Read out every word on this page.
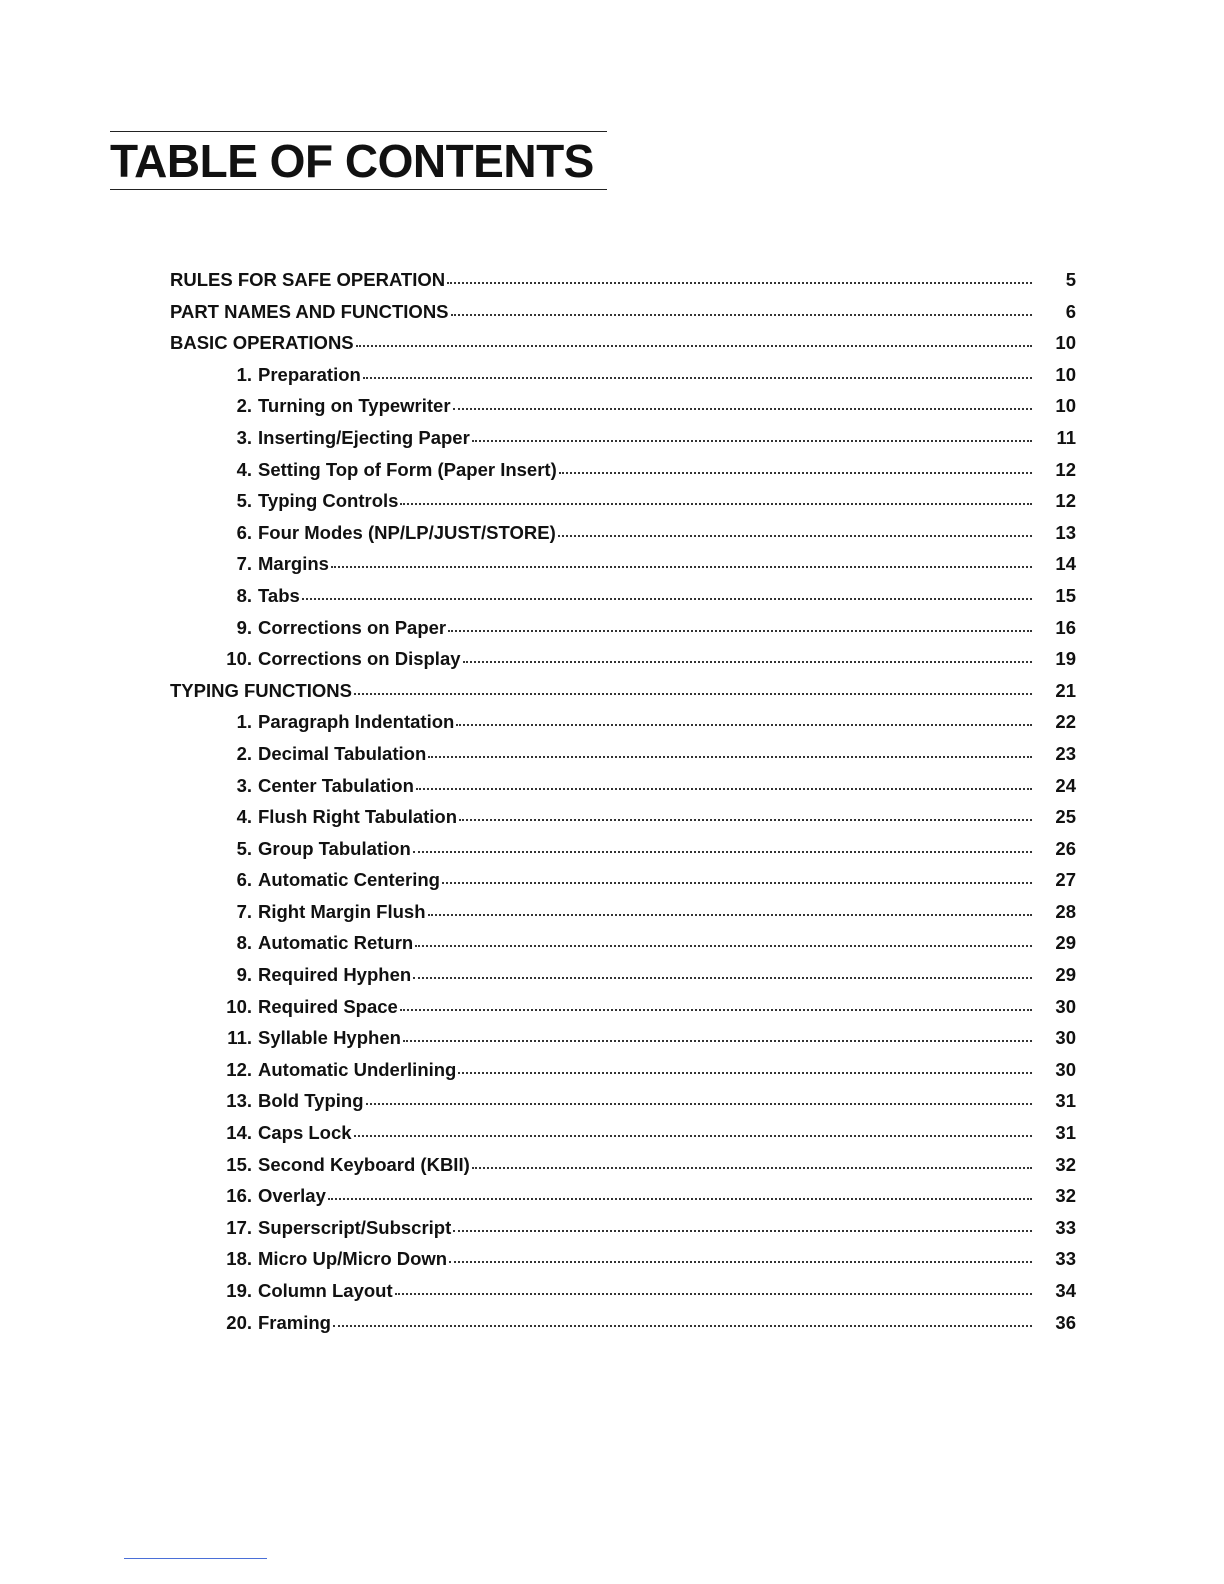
TABLE OF CONTENTS
RULES FOR SAFE OPERATION	5
PART NAMES AND FUNCTIONS	6
BASIC OPERATIONS	10
1. Preparation	10
2. Turning on Typewriter	10
3. Inserting/Ejecting Paper	11
4. Setting Top of Form (Paper Insert)	12
5. Typing Controls	12
6. Four Modes (NP/LP/JUST/STORE)	13
7. Margins	14
8. Tabs	15
9. Corrections on Paper	16
10. Corrections on Display	19
TYPING FUNCTIONS	21
1. Paragraph Indentation	22
2. Decimal Tabulation	23
3. Center Tabulation	24
4. Flush Right Tabulation	25
5. Group Tabulation	26
6. Automatic Centering	27
7. Right Margin Flush	28
8. Automatic Return	29
9. Required Hyphen	29
10. Required Space	30
11. Syllable Hyphen	30
12. Automatic Underlining	30
13. Bold Typing	31
14. Caps Lock	31
15. Second Keyboard (KBII)	32
16. Overlay	32
17. Superscript/Subscript	33
18. Micro Up/Micro Down	33
19. Column Layout	34
20. Framing	36
